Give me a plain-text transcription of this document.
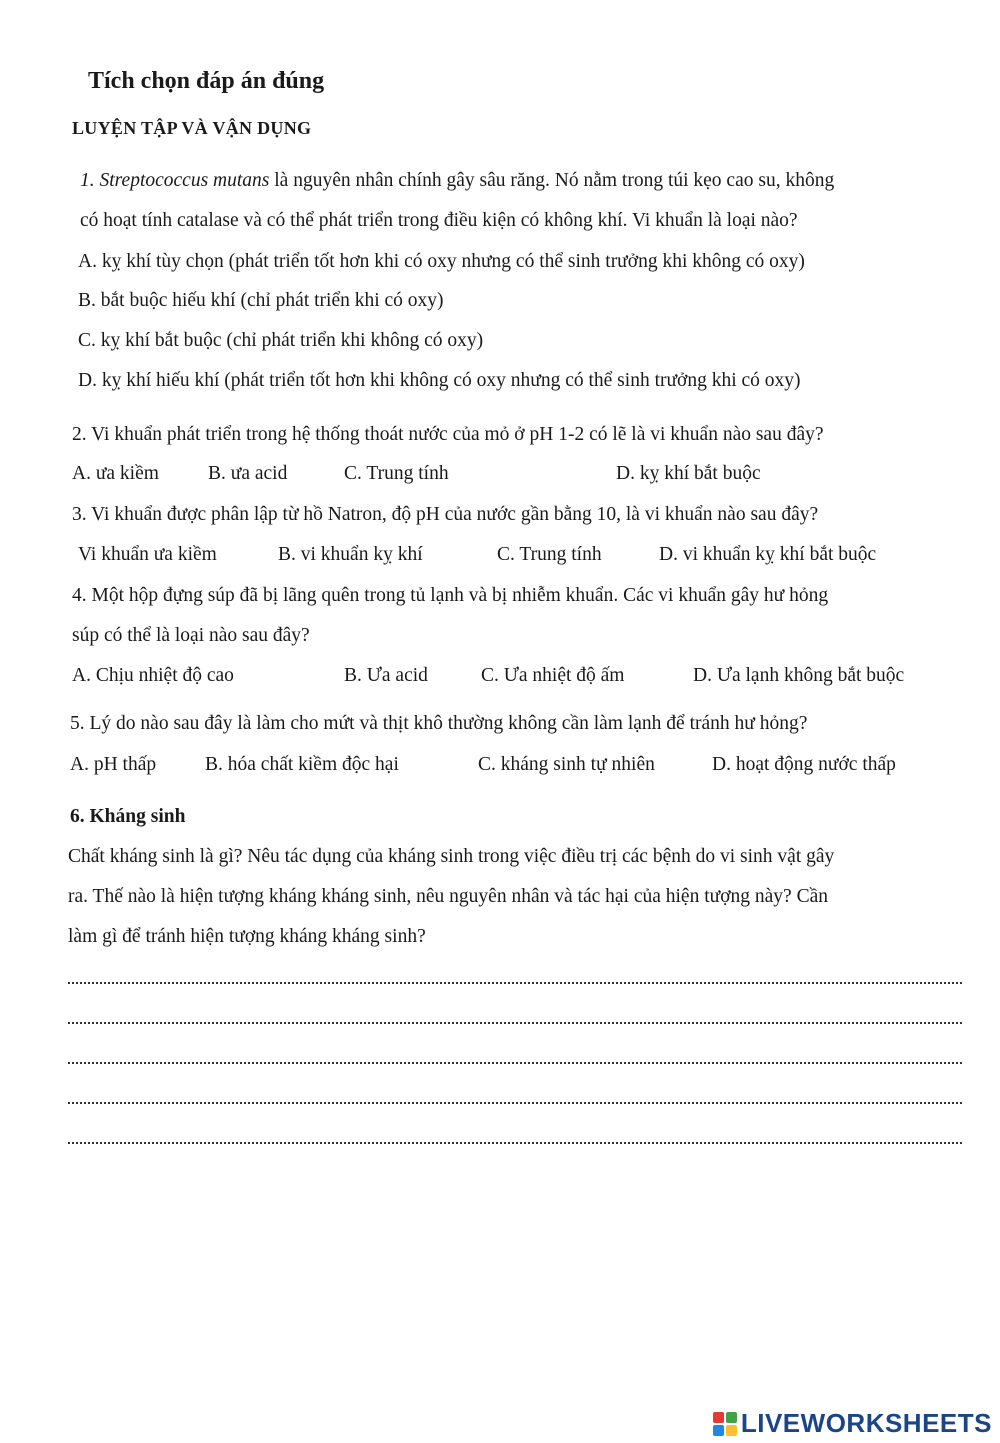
Tích chọn đáp án đúng
LUYỆN TẬP VÀ VẬN DỤNG
1. Streptococcus mutans là nguyên nhân chính gây sâu răng. Nó nằm trong túi kẹo cao su, không
có hoạt tính catalase và có thể phát triển trong điều kiện có không khí. Vi khuẩn là loại nào?
A. kỵ khí tùy chọn (phát triển tốt hơn khi có oxy nhưng có thể sinh trưởng khi không có oxy)
B. bắt buộc hiếu khí (chỉ phát triển khi có oxy)
C. kỵ khí bắt buộc (chỉ phát triển khi không có oxy)
D. kỵ khí hiếu khí (phát triển tốt hơn khi không có oxy nhưng có thể sinh trưởng khi có oxy)
2. Vi khuẩn phát triển trong hệ thống thoát nước của mỏ ở pH 1-2 có lẽ là vi khuẩn nào sau đây?
A. ưa kiềm	B. ưa acid	C. Trung tính	D. kỵ khí bắt buộc
3. Vi khuẩn được phân lập từ hồ Natron, độ pH của nước gần bằng 10, là vi khuẩn nào sau đây?
Vi khuẩn ưa kiềm	B. vi khuẩn kỵ khí	C. Trung tính	D. vi khuẩn kỵ khí bắt buộc
4. Một hộp đựng súp đã bị lãng quên trong tủ lạnh và bị nhiễm khuẩn. Các vi khuẩn gây hư hỏng
súp có thể là loại nào sau đây?
A. Chịu nhiệt độ cao	B. Ưa acid	C. Ưa nhiệt độ ấm	D. Ưa lạnh không bắt buộc
5. Lý do nào sau đây là làm cho mứt và thịt khô thường không cần làm lạnh để tránh hư hỏng?
A. pH thấp	B. hóa chất kiềm độc hại	C. kháng sinh tự nhiên	D. hoạt động nước thấp
6. Kháng sinh
Chất kháng sinh là gì? Nêu tác dụng của kháng sinh trong việc điều trị các bệnh do vi sinh vật gây
ra. Thế nào là hiện tượng kháng kháng sinh, nêu nguyên nhân và tác hại của hiện tượng này? Cần
làm gì để tránh hiện tượng kháng kháng sinh?
LIVEWORKSHEETS
